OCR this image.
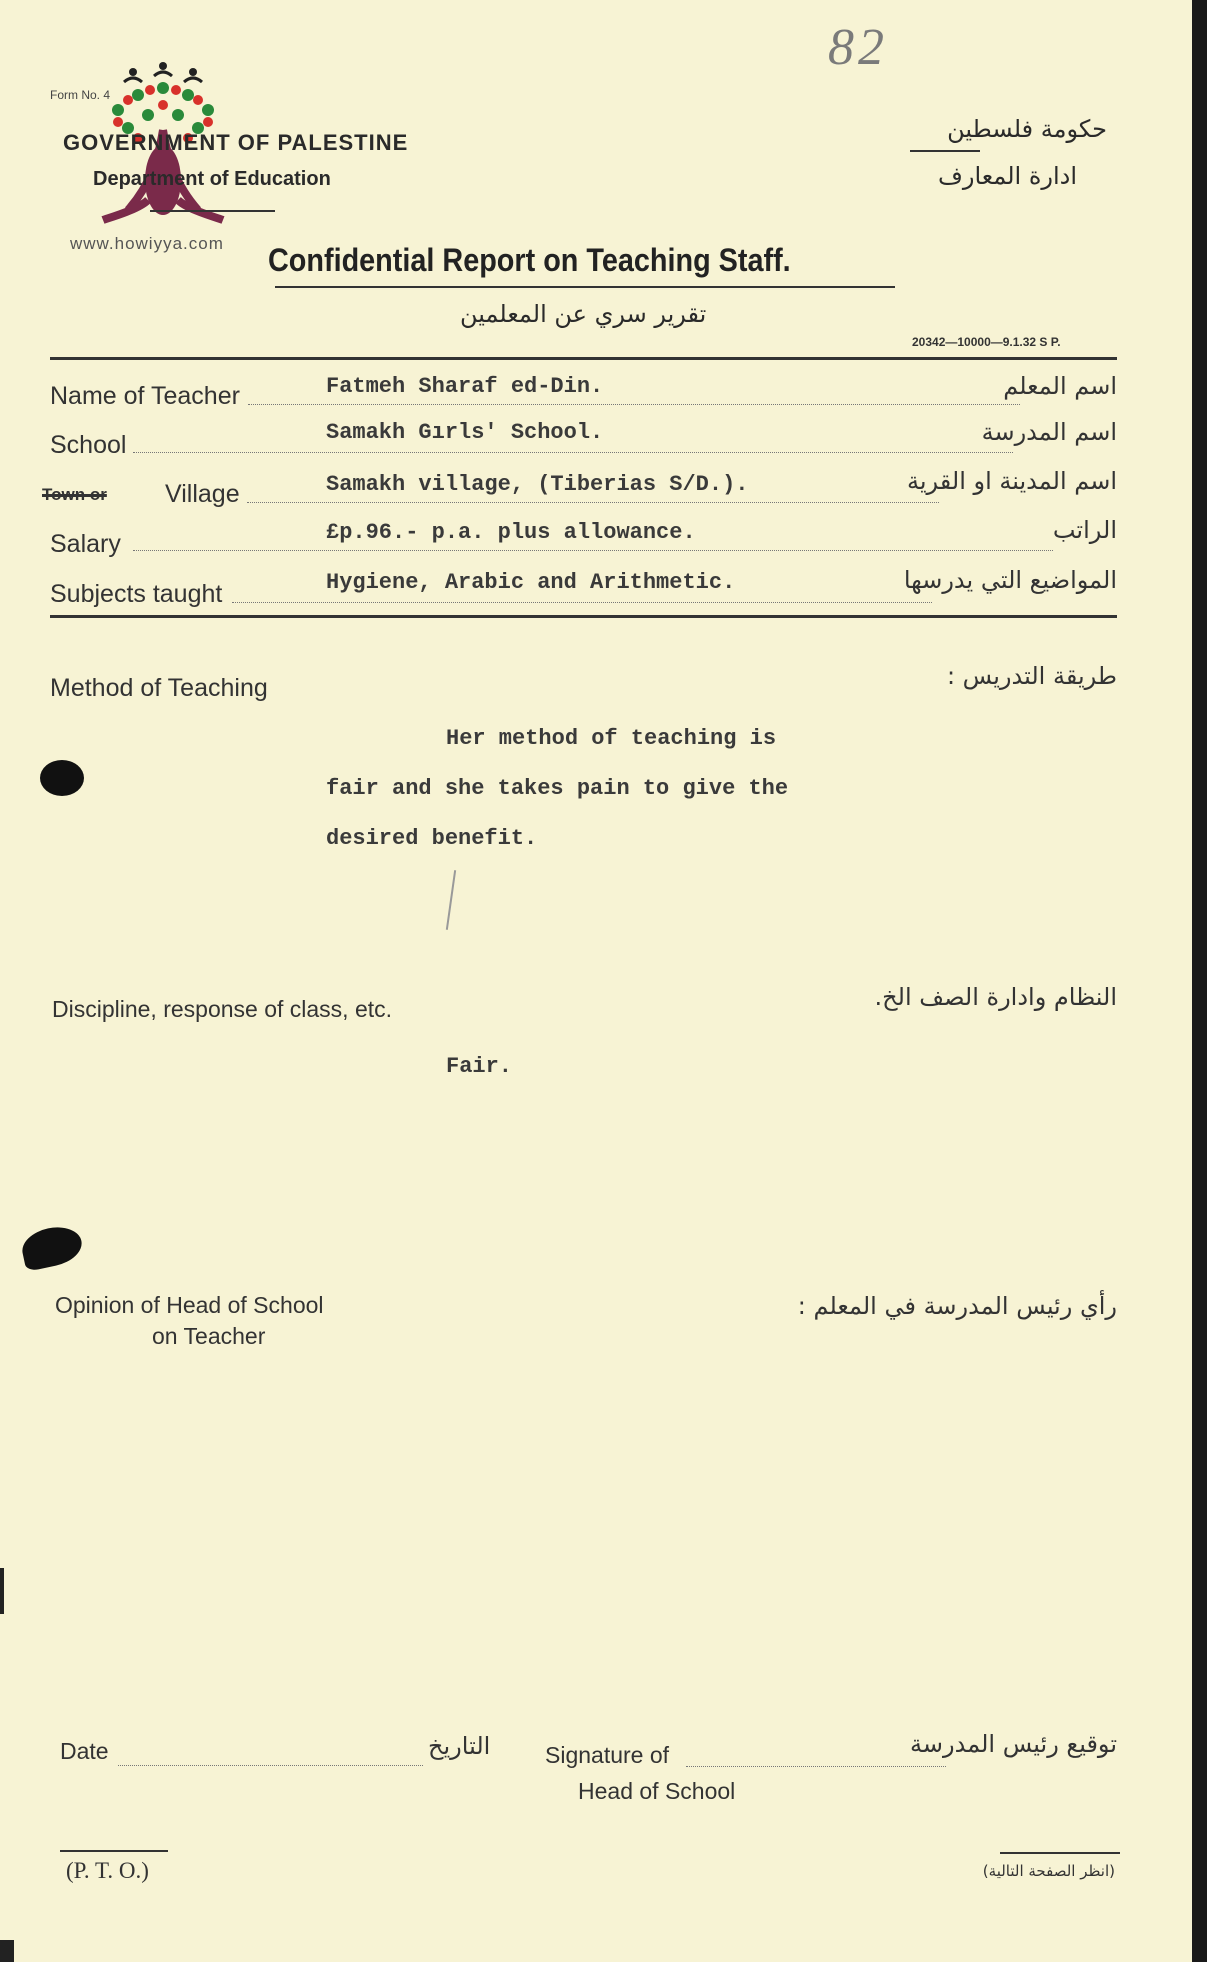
82
Form No. 4
GOVERNMENT OF PALESTINE
Department of Education
www.howiyya.com
حكومة فلسطين
ادارة المعارف
Confidential Report on Teaching Staff.
تقرير سري عن المعلمين
20342—10000—9.1.32 S P.
Name of Teacher	Fatmeh Sharaf ed-Din.	اسم المعلم
School	Samakh Gırls' School.	اسم المدرسة
Town or Village	Samakh village, (Tiberias S/D.).	اسم المدينة او القرية
Salary	£p.96.- p.a. plus allowance.	الراتب
Subjects taught	Hygiene, Arabic and Arithmetic.	المواضيع التي يدرسها
Method of Teaching	طريقة التدريس :
Her method of teaching is
fair and she takes pain to give the
desired benefit.
Discipline, response of class, etc.	النظام وادارة الصف الخ.
Fair.
Opinion of Head of School
on Teacher
رأي رئيس المدرسة في المعلم :
Date	التاريخ Signature of	توقيع رئيس المدرسة
Head of School
(P. T. O.)	(انظر الصفحة التالية)
